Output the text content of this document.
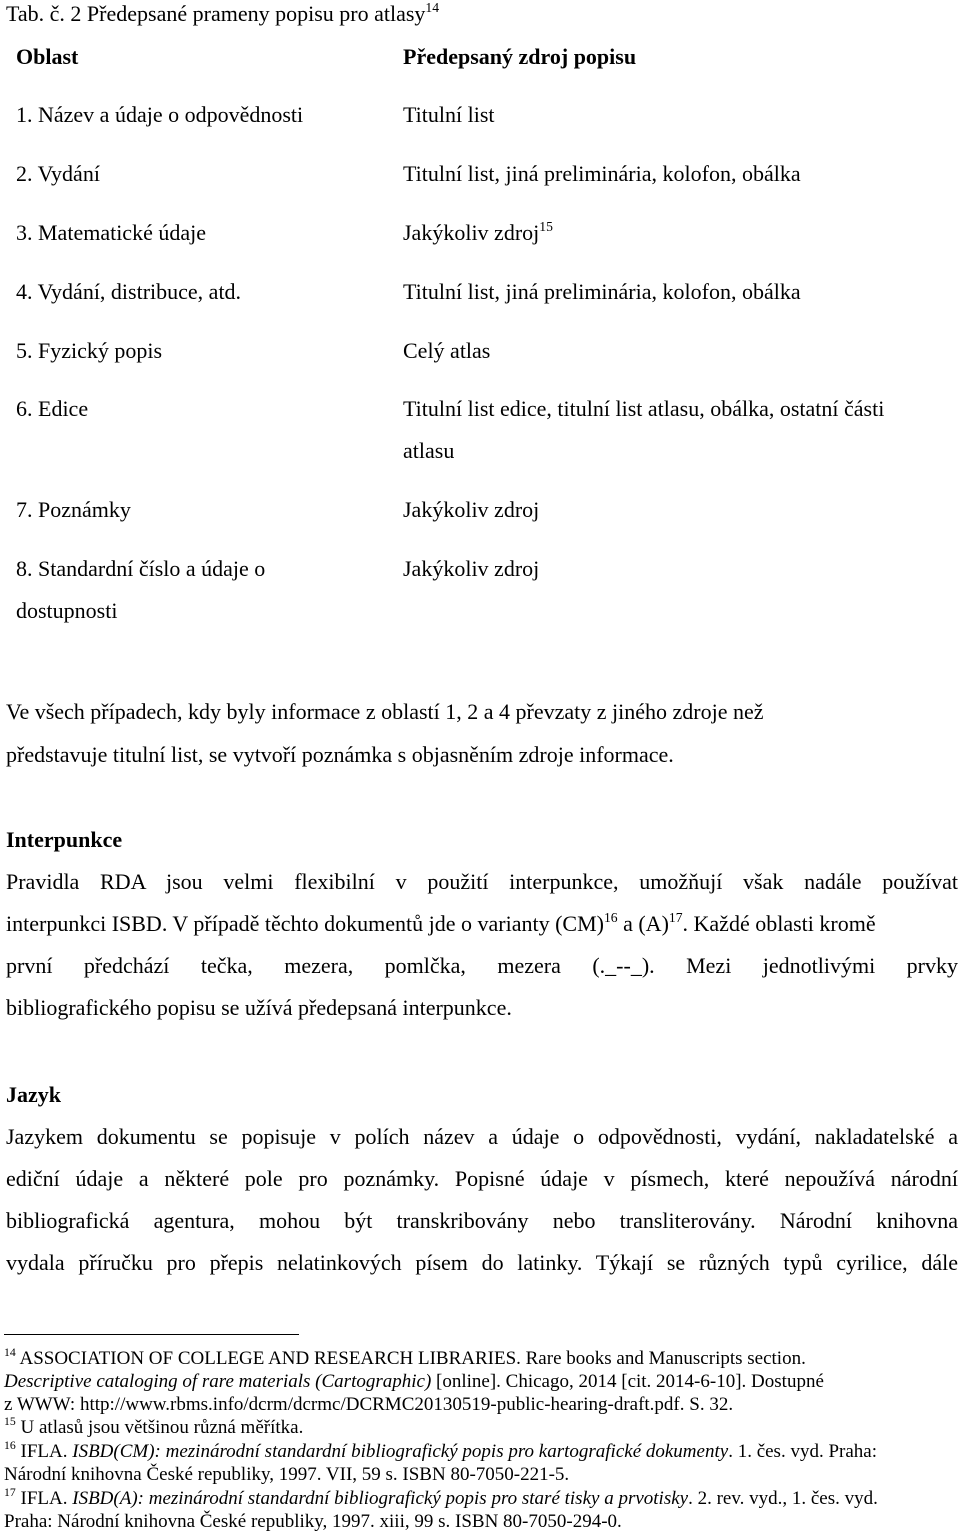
Tab. č. 2 Předepsané prameny popisu pro atlasy$^{14}$
Oblast	Předepsaný zdroj popisu
1. Název a údaje o odpovědnosti	Titulní list
2. Vydání	Titulní list, jiná preliminária, kolofon, obálka
3. Matematické údaje	Jakýkoliv zdroj$^{15}$
4. Vydání, distribuce, atd.	Titulní list, jiná preliminária, kolofon, obálka
5. Fyzický popis	Celý atlas
6. Edice	Titulní list edice, titulní list atlasu, obálka, ostatní části
atlasu
7. Poznámky	Jakýkoliv zdroj
8. Standardní číslo a údaje o	Jakýkoliv zdroj
dostupnosti
Ve všech případech, kdy byly informace z oblastí 1, 2 a 4 převzaty z jiného zdroje než
představuje titulní list, se vytvoří poznámka s objasněním zdroje informace.
Interpunkce
Pravidla RDA jsou velmi flexibilní v použití interpunkce, umožňují však nadále používat
interpunkci ISBD. V případě těchto dokumentů jde o varianty (CM)$^{16}$ a $(A)^{17}$. Každé oblasti kromě
první předchází tečka, mezera, pomlčka, mezera (._--_). Mezi jednotlivými prvky
bibliografického popisu se užívá předepsaná interpunkce.
Jazyk
Jazykem dokumentu se popisuje v polích název a údaje o odpovědnosti, vydání, nakladatelské a
ediční údaje a některé pole pro poznámky. Popisné údaje v písmech, které nepoužívá národní
bibliografická agentura, mohou být transkribovány nebo transliterovány. Národní knihovna
vydala příručku pro přepis nelatinkových písem do latinky. Týkají se různých typů cyrilice, dále
$^{14}$ ASSOCIATION OF COLLEGE AND RESEARCH LIBRARIES. Rare books and Manuscripts section.
Descriptive cataloging of rare materials (Cartographic) [online]. Chicago, 2014 [cit. 2014-6-10]. Dostupné
z WWW: http://www.rbms.info/dcrm/dcrmc/DCRMC20130519-public-hearing-draft.pdf. S. 32.
$^{15}$ U atlasů jsou většinou různá měřítka.
$^{16}$ IFLA. ISBD(CM): mezinárodní standardní bibliografický popis pro kartografické dokumenty. 1. čes. vyd. Praha:
Národní knihovna České republiky, 1997. VII, 59 s. ISBN 80-7050-221-5.
$^{17}$ IFLA. ISBD(A): mezinárodní standardní bibliografický popis pro staré tisky a prvotisky. 2. rev. vyd., 1. čes. vyd.
Praha: Národní knihovna České republiky, 1997. xiii, 99 s. ISBN 80-7050-294-0.
